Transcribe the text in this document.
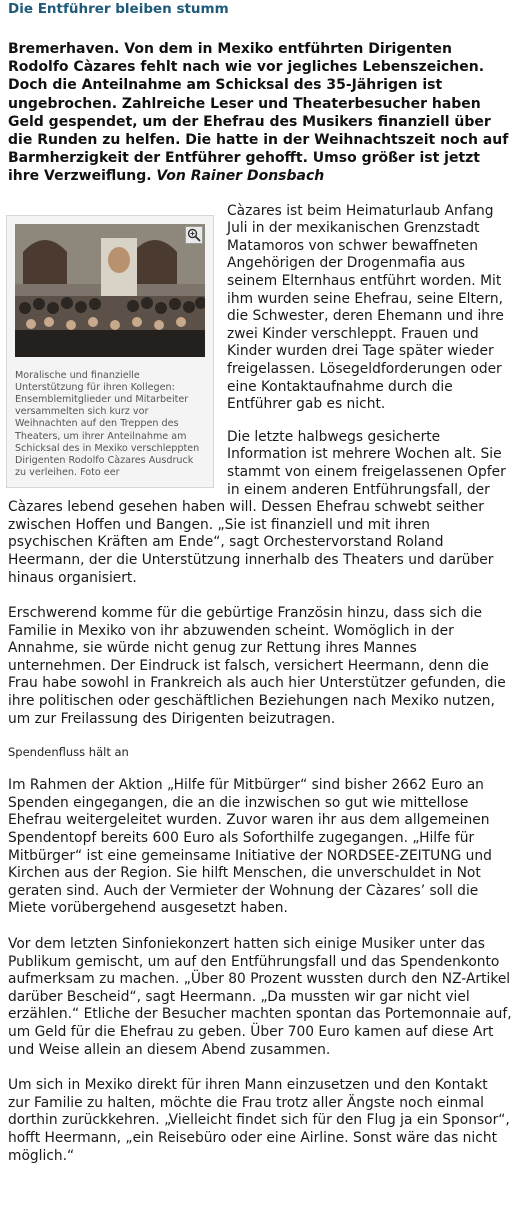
Die Entführer bleiben stumm

Bremerhaven. Von dem in Mexiko entführten Dirigenten Rodolfo Càzares fehlt nach wie vor jegliches Lebenszeichen. Doch die Anteilnahme am Schicksal des 35-Jährigen ist ungebrochen. Zahlreiche Leser und Theaterbesucher haben Geld gespendet, um der Ehefrau des Musikers finanziell über die Runden zu helfen. Die hatte in der Weihnachtszeit noch auf Barmherzigkeit der Entführer gehofft. Umso größer ist jetzt ihre Verzweiflung. Von Rainer Donsbach

Moralische und finanzielle Unterstützung für ihren Kollegen: Ensemblemitglieder und Mitarbeiter versammelten sich kurz vor Weihnachten auf den Treppen des Theaters, um ihrer Anteilnahme am Schicksal des in Mexiko verschleppten Dirigenten Rodolfo Càzares Ausdruck zu verleihen. Foto eer

Càzares ist beim Heimaturlaub Anfang Juli in der mexikanischen Grenzstadt Matamoros von schwer bewaffneten Angehörigen der Drogenmafia aus seinem Elternhaus entführt worden. Mit ihm wurden seine Ehefrau, seine Eltern, die Schwester, deren Ehemann und ihre zwei Kinder verschleppt. Frauen und Kinder wurden drei Tage später wieder freigelassen. Lösegeldforderungen oder eine Kontaktaufnahme durch die Entführer gab es nicht.

Die letzte halbwegs gesicherte Information ist mehrere Wochen alt. Sie stammt von einem freigelassenen Opfer in einem anderen Entführungsfall, der Càzares lebend gesehen haben will. Dessen Ehefrau schwebt seither zwischen Hoffen und Bangen. „Sie ist finanziell und mit ihren psychischen Kräften am Ende“, sagt Orchestervorstand Roland Heermann, der die Unterstützung innerhalb des Theaters und darüber hinaus organisiert.

Erschwerend komme für die gebürtige Französin hinzu, dass sich die Familie in Mexiko von ihr abzuwenden scheint. Womöglich in der Annahme, sie würde nicht genug zur Rettung ihres Mannes unternehmen. Der Eindruck ist falsch, versichert Heermann, denn die Frau habe sowohl in Frankreich als auch hier Unterstützer gefunden, die ihre politischen oder geschäftlichen Beziehungen nach Mexiko nutzen, um zur Freilassung des Dirigenten beizutragen.

Spendenfluss hält an

Im Rahmen der Aktion „Hilfe für Mitbürger“ sind bisher 2662 Euro an Spenden eingegangen, die an die inzwischen so gut wie mittellose Ehefrau weitergeleitet wurden. Zuvor waren ihr aus dem allgemeinen Spendentopf bereits 600 Euro als Soforthilfe zugegangen. „Hilfe für Mitbürger“ ist eine gemeinsame Initiative der NORDSEE-ZEITUNG und Kirchen aus der Region. Sie hilft Menschen, die unverschuldet in Not geraten sind. Auch der Vermieter der Wohnung der Càzares’ soll die Miete vorübergehend ausgesetzt haben.

Vor dem letzten Sinfoniekonzert hatten sich einige Musiker unter das Publikum gemischt, um auf den Entführungsfall und das Spendenkonto aufmerksam zu machen. „Über 80 Prozent wussten durch den NZ-Artikel darüber Bescheid“, sagt Heermann. „Da mussten wir gar nicht viel erzählen.“ Etliche der Besucher machten spontan das Portemonnaie auf, um Geld für die Ehefrau zu geben. Über 700 Euro kamen auf diese Art und Weise allein an diesem Abend zusammen.

Um sich in Mexiko direkt für ihren Mann einzusetzen und den Kontakt zur Familie zu halten, möchte die Frau trotz aller Ängste noch einmal dorthin zurückkehren. „Vielleicht findet sich für den Flug ja ein Sponsor“, hofft Heermann, „ein Reisebüro oder eine Airline. Sonst wäre das nicht möglich.“
